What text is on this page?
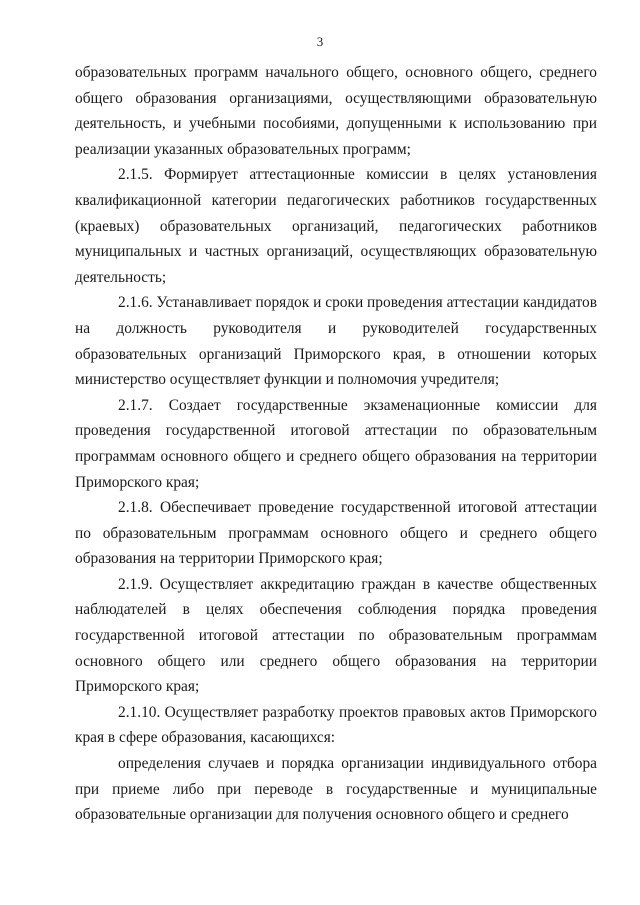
3

образовательных программ начального общего, основного общего, среднего общего образования организациями, осуществляющими образовательную деятельность, и учебными пособиями, допущенными к использованию при реализации указанных образовательных программ;

2.1.5. Формирует аттестационные комиссии в целях установления квалификационной категории педагогических работников государственных (краевых) образовательных организаций, педагогических работников муниципальных и частных организаций, осуществляющих образовательную деятельность;

2.1.6. Устанавливает порядок и сроки проведения аттестации кандидатов на должность руководителя и руководителей государственных образовательных организаций Приморского края, в отношении которых министерство осуществляет функции и полномочия учредителя;

2.1.7. Создает государственные экзаменационные комиссии для проведения государственной итоговой аттестации по образовательным программам основного общего и среднего общего образования на территории Приморского края;

2.1.8. Обеспечивает проведение государственной итоговой аттестации по образовательным программам основного общего и среднего общего образования на территории Приморского края;

2.1.9. Осуществляет аккредитацию граждан в качестве общественных наблюдателей в целях обеспечения соблюдения порядка проведения государственной итоговой аттестации по образовательным программам основного общего или среднего общего образования на территории Приморского края;

2.1.10. Осуществляет разработку проектов правовых актов Приморского края в сфере образования, касающихся:

определения случаев и порядка организации индивидуального отбора при приеме либо при переводе в государственные и муниципальные образовательные организации для получения основного общего и среднего
